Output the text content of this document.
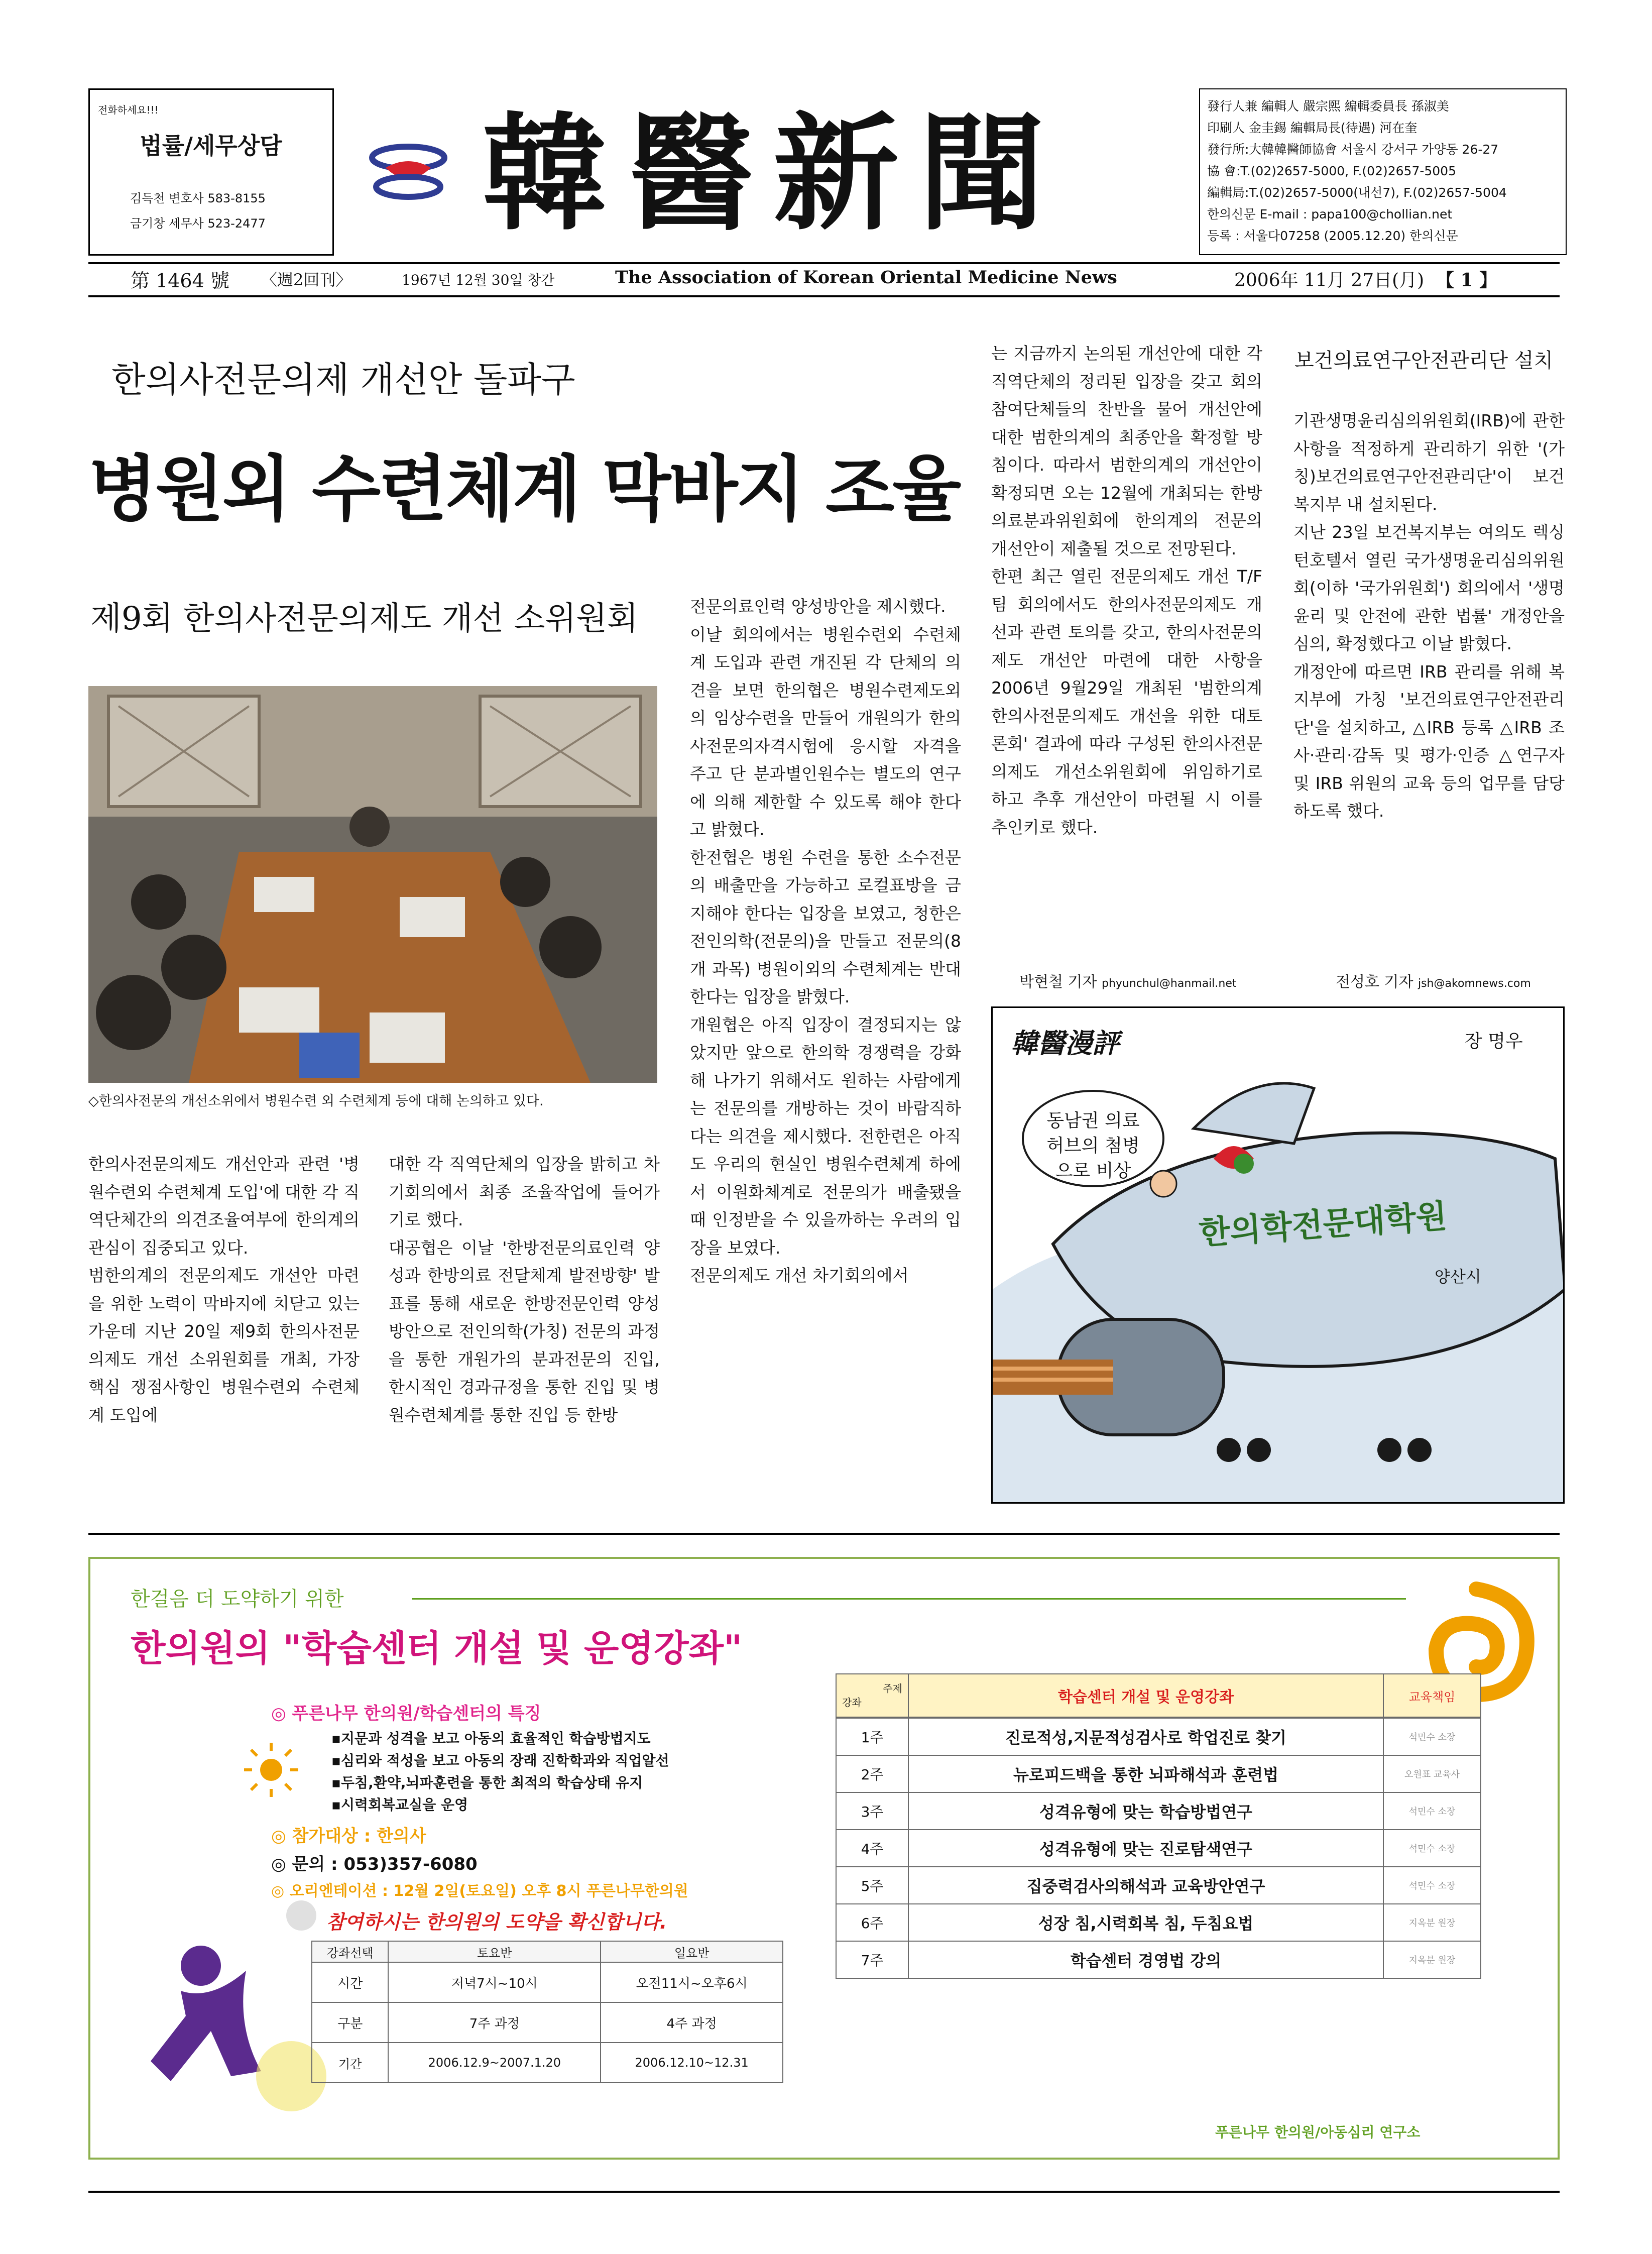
전화하세요!!!
법률/세무상담
김득천 변호사 583-8155
금기창 세무사 523-2477 韓醫新聞	發行人兼 編輯人 嚴宗熙 編輯委員長 孫淑美
印刷人 金圭錫 編輯局長(待遇) 河在奎
發行所:大韓韓醫師協會 서울시 강서구 가양동 26-27
協 會:T.(02)2657-5000, F.(02)2657-5005
編輯局:T.(02)2657-5000(내선7), F.(02)2657-5004
한의신문 E-mail : papa100@chollian.net
등록 : 서울다07258 (2005.12.20) 한의신문
第 1464 號 〈週2回刊〉	1967년 12월 30일 창간	The Association of Korean Oriental Medicine News	2006年 11月 27日(月) 【 1 】
한의사전문의제 개선안 돌파구
병원외 수련체계 막바지 조율
제9회 한의사전문의제도 개선 소위원회
◇한의사전문의 개선소위에서 병원수련 외 수련체계 등에 대해 논의하고 있다.
한의사전문의제도 개선안과 관련 '병원수련외 수련체계 도입'에 대한 각 직역단체간의 의견조율여부에 한의계의 관심이 집중되고 있다.
범한의계의 전문의제도 개선안 마련을 위한 노력이 막바지에 치닫고 있는 가운데 지난 20일 제9회 한의사전문의제도 개선 소위원회를 개최, 가장 핵심 쟁점사항인 병원수련외 수련체계 도입에
대한 각 직역단체의 입장을 밝히고 차기회의에서 최종 조율작업에 들어가기로 했다.
대공협은 이날 '한방전문의료인력 양성과 한방의료 전달체계 발전방향' 발표를 통해 새로운 한방전문인력 양성방안으로 전인의학(가칭) 전문의 과정을 통한 개원가의 분과전문의 진입, 한시적인 경과규정을 통한 진입 및 병원수련체계를 통한 진입 등 한방
전문의료인력 양성방안을 제시했다.
이날 회의에서는 병원수련외 수련체계 도입과 관련 개진된 각 단체의 의견을 보면 한의협은 병원수련제도외의 임상수련을 만들어 개원의가 한의사전문의자격시험에 응시할 자격을 주고 단 분과별인원수는 별도의 연구에 의해 제한할 수 있도록 해야 한다고 밝혔다.
한전협은 병원 수련을 통한 소수전문의 배출만을 가능하고 로컬표방을 금지해야 한다는 입장을 보였고, 청한은 전인의학(전문의)을 만들고 전문의(8개 과목) 병원이외의 수련체계는 반대한다는 입장을 밝혔다.
개원협은 아직 입장이 결정되지는 않았지만 앞으로 한의학 경쟁력을 강화해 나가기 위해서도 원하는 사람에게는 전문의를 개방하는 것이 바람직하다는 의견을 제시했다. 전한련은 아직도 우리의 현실인 병원수련체계 하에서 이원화체계로 전문의가 배출됐을 때 인정받을 수 있을까하는 우려의 입장을 보였다.
전문의제도 개선 차기회의에서
는 지금까지 논의된 개선안에 대한 각 직역단체의 정리된 입장을 갖고 회의참여단체들의 찬반을 물어 개선안에 대한 범한의계의 최종안을 확정할 방침이다. 따라서 범한의계의 개선안이 확정되면 오는 12월에 개최되는 한방의료분과위원회에 한의계의 전문의 개선안이 제출될 것으로 전망된다.
한편 최근 열린 전문의제도 개선 T/F팀 회의에서도 한의사전문의제도 개선과 관련 토의를 갖고, 한의사전문의제도 개선안 마련에 대한 사항을 2006년 9월29일 개최된 '범한의계 한의사전문의제도 개선을 위한 대토론회' 결과에 따라 구성된 한의사전문의제도 개선소위원회에 위임하기로 하고 추후 개선안이 마련될 시 이를 추인키로 했다.
박현철 기자 phyunchul@hanmail.net
보건의료연구안전관리단 설치
기관생명윤리심의위원회(IRB)에 관한 사항을 적정하게 관리하기 위한 '(가칭)보건의료연구안전관리단'이 보건복지부 내 설치된다.
지난 23일 보건복지부는 여의도 렉싱턴호텔서 열린 국가생명윤리심의위원회(이하 '국가위원회') 회의에서 '생명윤리 및 안전에 관한 법률' 개정안을 심의, 확정했다고 이날 밝혔다.
개정안에 따르면 IRB 관리를 위해 복지부에 가칭 '보건의료연구안전관리단'을 설치하고, △IRB 등록 △IRB 조사·관리·감독 및 평가·인증 △연구자 및 IRB 위원의 교육 등의 업무를 담당하도록 했다.
전성호 기자 jsh@akomnews.com
韓醫漫評	장 명우
동남권 의료허브의 첨병으로 비상
한의학전문대학원
양산시
한걸음 더 도약하기 위한
한의원의 "학습센터 개설 및 운영강좌"
◎ 푸른나무 한의원/학습센터의 특징
▪지문과 성격을 보고 아동의 효율적인 학습방법지도
▪심리와 적성을 보고 아동의 장래 진학학과와 직업알선
▪두침,환약,뇌파훈련을 통한 최적의 학습상태 유지
▪시력회복교실을 운영
◎ 참가대상 : 한의사
◎ 문의 : 053)357-6080
◎ 오리엔테이션 : 12월 2일(토요일) 오후 8시 푸른나무한의원
참여하시는 한의원의 도약을 확신합니다.
강좌선택	토요반	일요반
시간	저녁7시~10시	오전11시~오후6시
구분	7주 과정	4주 과정
기간	2006.12.9~2007.1.20	2006.12.10~12.31
주제
강좌	학습센터 개설 및 운영강좌	교육책임
1주	진로적성,지문적성검사로 학업진로 찾기	석민수 소장
2주	뉴로피드백을 통한 뇌파해석과 훈련법	오원표 교육사
3주	성격유형에 맞는 학습방법연구	석민수 소장
4주	성격유형에 맞는 진로탐색연구	석민수 소장
5주	집중력검사의해석과 교육방안연구	석민수 소장
6주	성장 침,시력회복 침, 두침요법	지옥분 원장
7주	학습센터 경영법 강의	지옥분 원장
푸른나무 한의원/아동심리 연구소
